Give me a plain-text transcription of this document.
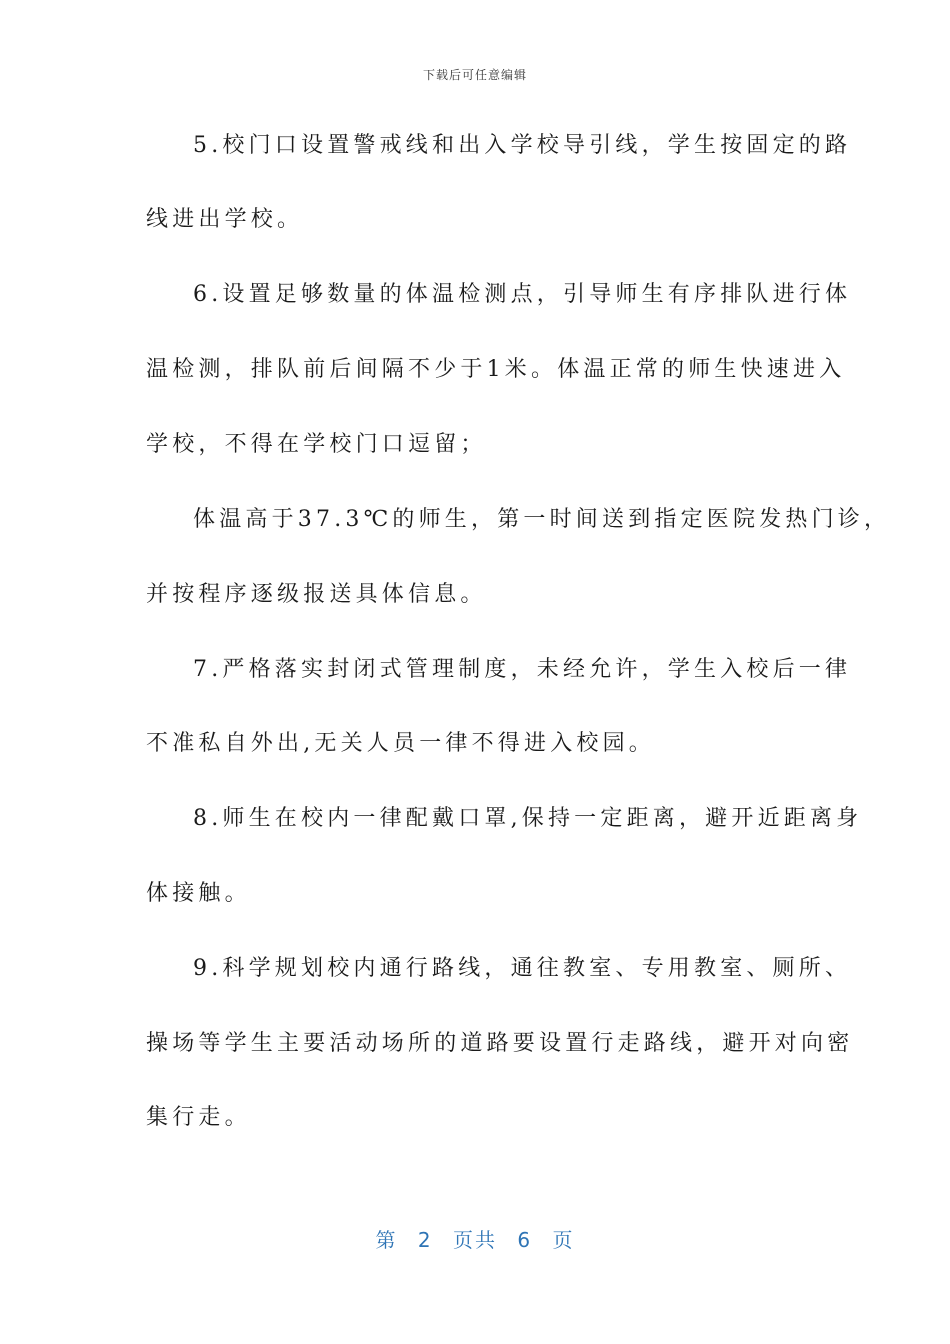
下载后可任意编辑
5.校门口设置警戒线和出入学校导引线，学生按固定的路
线进出学校。
6.设置足够数量的体温检测点，引导师生有序排队进行体
温检测，排队前后间隔不少于1米。体温正常的师生快速进入
学校，不得在学校门口逗留；
体温高于37.3℃的师生，第一时间送到指定医院发热门诊，
并按程序逐级报送具体信息。
7.严格落实封闭式管理制度，未经允许，学生入校后一律
不准私自外出,无关人员一律不得进入校园。
8.师生在校内一律配戴口罩,保持一定距离，避开近距离身
体接触。
9.科学规划校内通行路线，通往教室、专用教室、厕所、
操场等学生主要活动场所的道路要设置行走路线，避开对向密
集行走。
第 2 页共 6 页
